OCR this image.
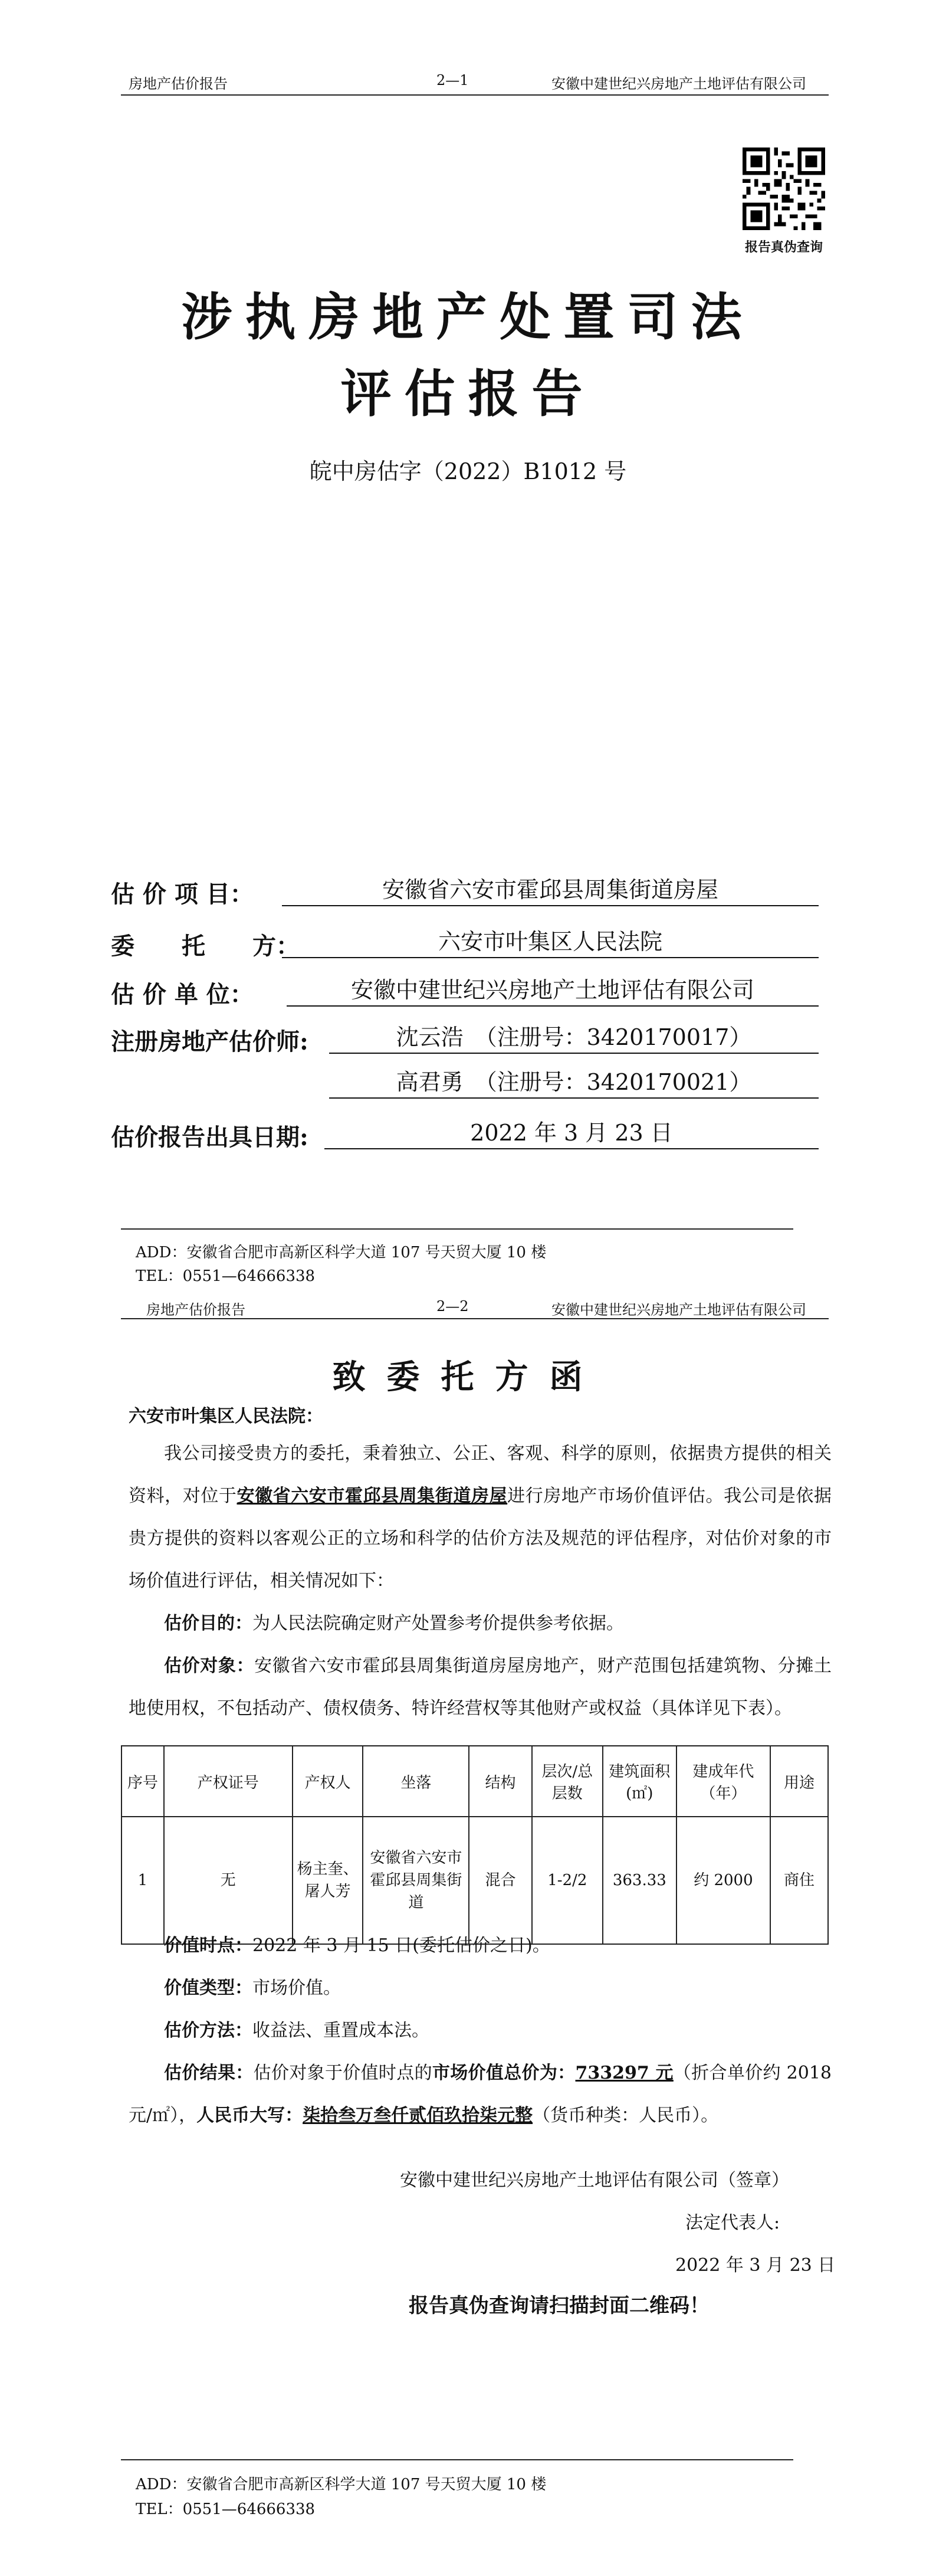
房地产估价报告	2—1	安徽中建世纪兴房地产土地评估有限公司
报告真伪查询
涉执房地产处置司法
评估报告
皖中房估字（2022）B1012 号
估 价 项 目：	安徽省六安市霍邱县周集街道房屋
委　　托　　方：	六安市叶集区人民法院
估 价 单 位：	安徽中建世纪兴房地产土地评估有限公司
注册房地产估价师:	沈云浩　（注册号：3420170017）
高君勇　（注册号：3420170021）
估价报告出具日期:	2022 年 3 月 23 日
ADD：安徽省合肥市高新区科学大道 107 号天贸大厦 10 楼
TEL：0551—64666338
房地产估价报告	2—2	安徽中建世纪兴房地产土地评估有限公司
致委托方函
六安市叶集区人民法院：
我公司接受贵方的委托，秉着独立、公正、客观、科学的原则，依据贵方提供的相关资料，对位于安徽省六安市霍邱县周集街道房屋进行房地产市场价值评估。我公司是依据贵方提供的资料以客观公正的立场和科学的估价方法及规范的评估程序，对估价对象的市场价值进行评估，相关情况如下：
估价目的：为人民法院确定财产处置参考价提供参考依据。
估价对象：安徽省六安市霍邱县周集街道房屋房地产，财产范围包括建筑物、分摊土地使用权，不包括动产、债权债务、特许经营权等其他财产或权益（具体详见下表）。
序号	产权证号	产权人	坐落	结构	层次/总层数	建筑面积(㎡)	建成年代（年）	用途
1	无	杨主奎、屠人芳	安徽省六安市霍邱县周集街道	混合	1-2/2	363.33	约 2000	商住
价值时点：2022 年 3 月 15 日(委托估价之日)。
价值类型：市场价值。
估价方法：收益法、重置成本法。
估价结果：估价对象于价值时点的市场价值总价为：733297 元（折合单价约 2018 元/㎡），人民币大写：柒拾叁万叁仟贰佰玖拾柒元整（货币种类：人民币）。
安徽中建世纪兴房地产土地评估有限公司（签章）
法定代表人:
2022 年 3 月 23 日
报告真伪查询请扫描封面二维码！
ADD：安徽省合肥市高新区科学大道 107 号天贸大厦 10 楼
TEL：0551—64666338
